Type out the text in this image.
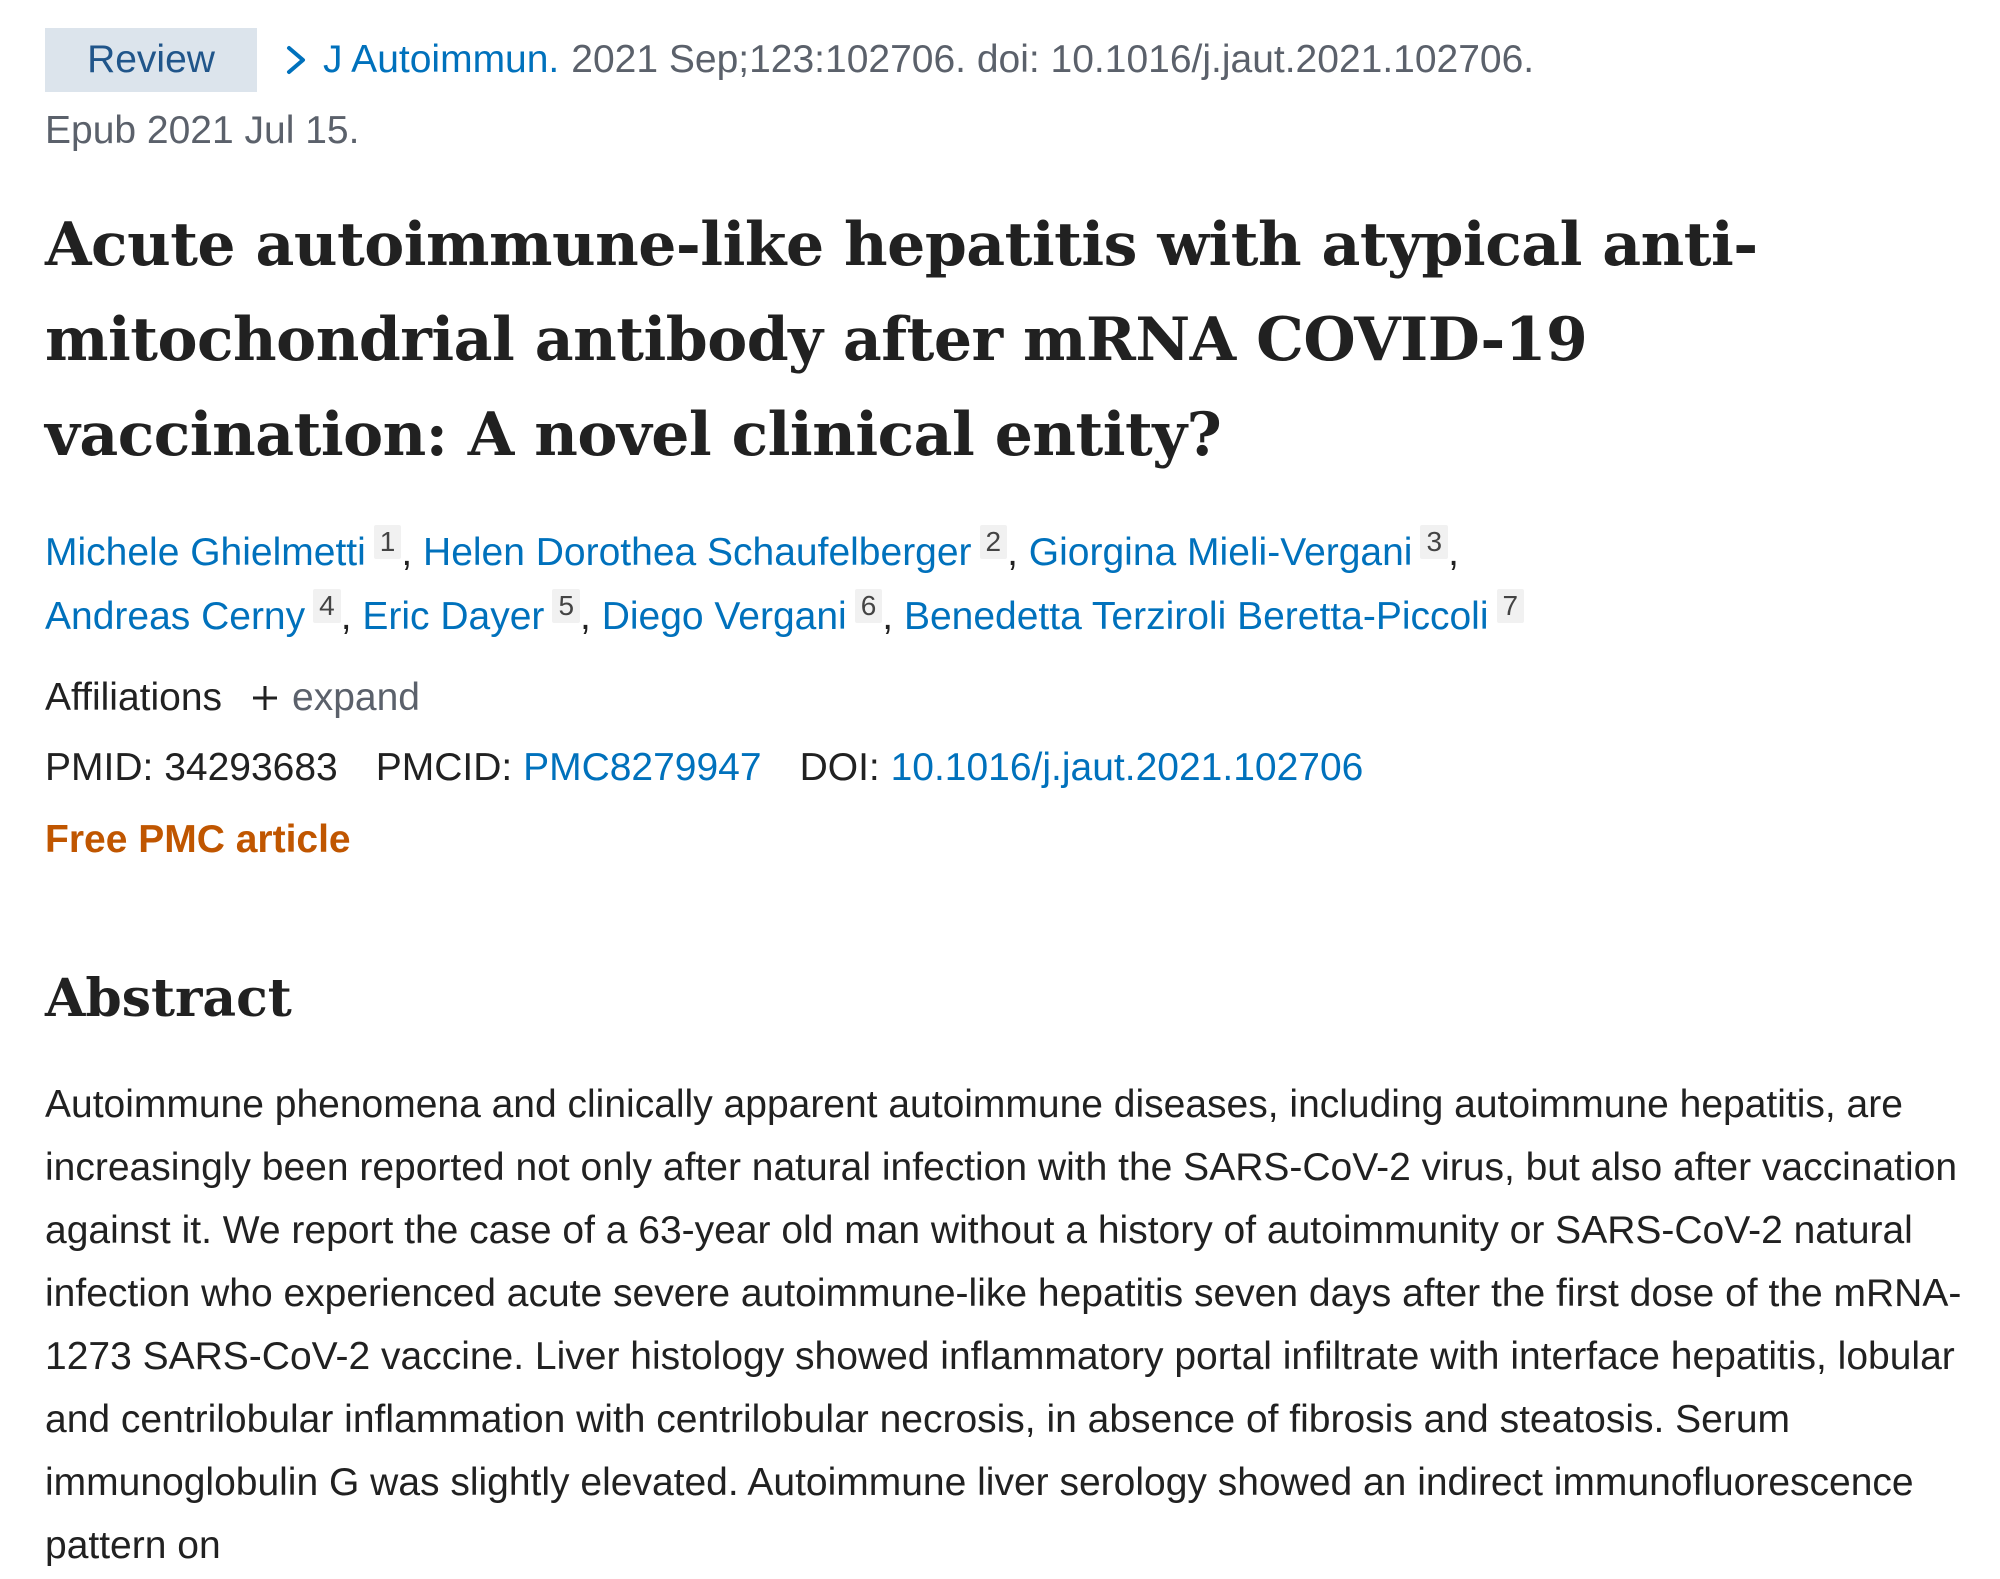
Review	J Autoimmun. 2021 Sep;123:102706. doi: 10.1016/j.jaut.2021.102706.
Epub 2021 Jul 15.
Acute autoimmune-like hepatitis with atypical anti-mitochondrial antibody after mRNA COVID-19 vaccination: A novel clinical entity?
Michele Ghielmetti 1 , Helen Dorothea Schaufelberger 2 , Giorgina Mieli-Vergani 3 ,
Andreas Cerny 4 , Eric Dayer 5 , Diego Vergani 6 , Benedetta Terziroli Beretta-Piccoli 7
Affiliations expand
PMID: 34293683 PMCID: PMC8279947 DOI: 10.1016/j.jaut.2021.102706
Free PMC article
Abstract
Autoimmune phenomena and clinically apparent autoimmune diseases, including autoimmune hepatitis, are increasingly been reported not only after natural infection with the SARS-CoV-2 virus, but also after vaccination against it. We report the case of a 63-year old man without a history of autoimmunity or SARS-CoV-2 natural infection who experienced acute severe autoimmune-like hepatitis seven days after the first dose of the mRNA-1273 SARS-CoV-2 vaccine. Liver histology showed inflammatory portal infiltrate with interface hepatitis, lobular and centrilobular inflammation with centrilobular necrosis, in absence of fibrosis and steatosis. Serum immunoglobulin G was slightly elevated. Autoimmune liver serology showed an indirect immunofluorescence pattern on
